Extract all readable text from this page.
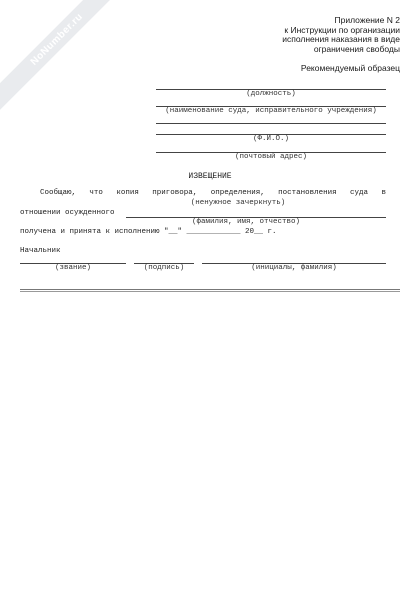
NoNumber.ru	Приложение N 2
к Инструкции по организации
исполнения наказания в виде
ограничения свободы
Рекомендуемый образец
(должность)
(наименование суда, исправительного учреждения)
(Ф.И.О.)
(почтовый адрес)
ИЗВЕЩЕНИЕ
Сообщаю, что копия приговора, определения, постановления суда в
(ненужное зачеркнуть)
отношении осужденного
(фамилия, имя, отчество)
получена и принята к исполнению "__" ____________ 20__ г.
Начальник
(звание)	(подпись)	(инициалы, фамилия)
